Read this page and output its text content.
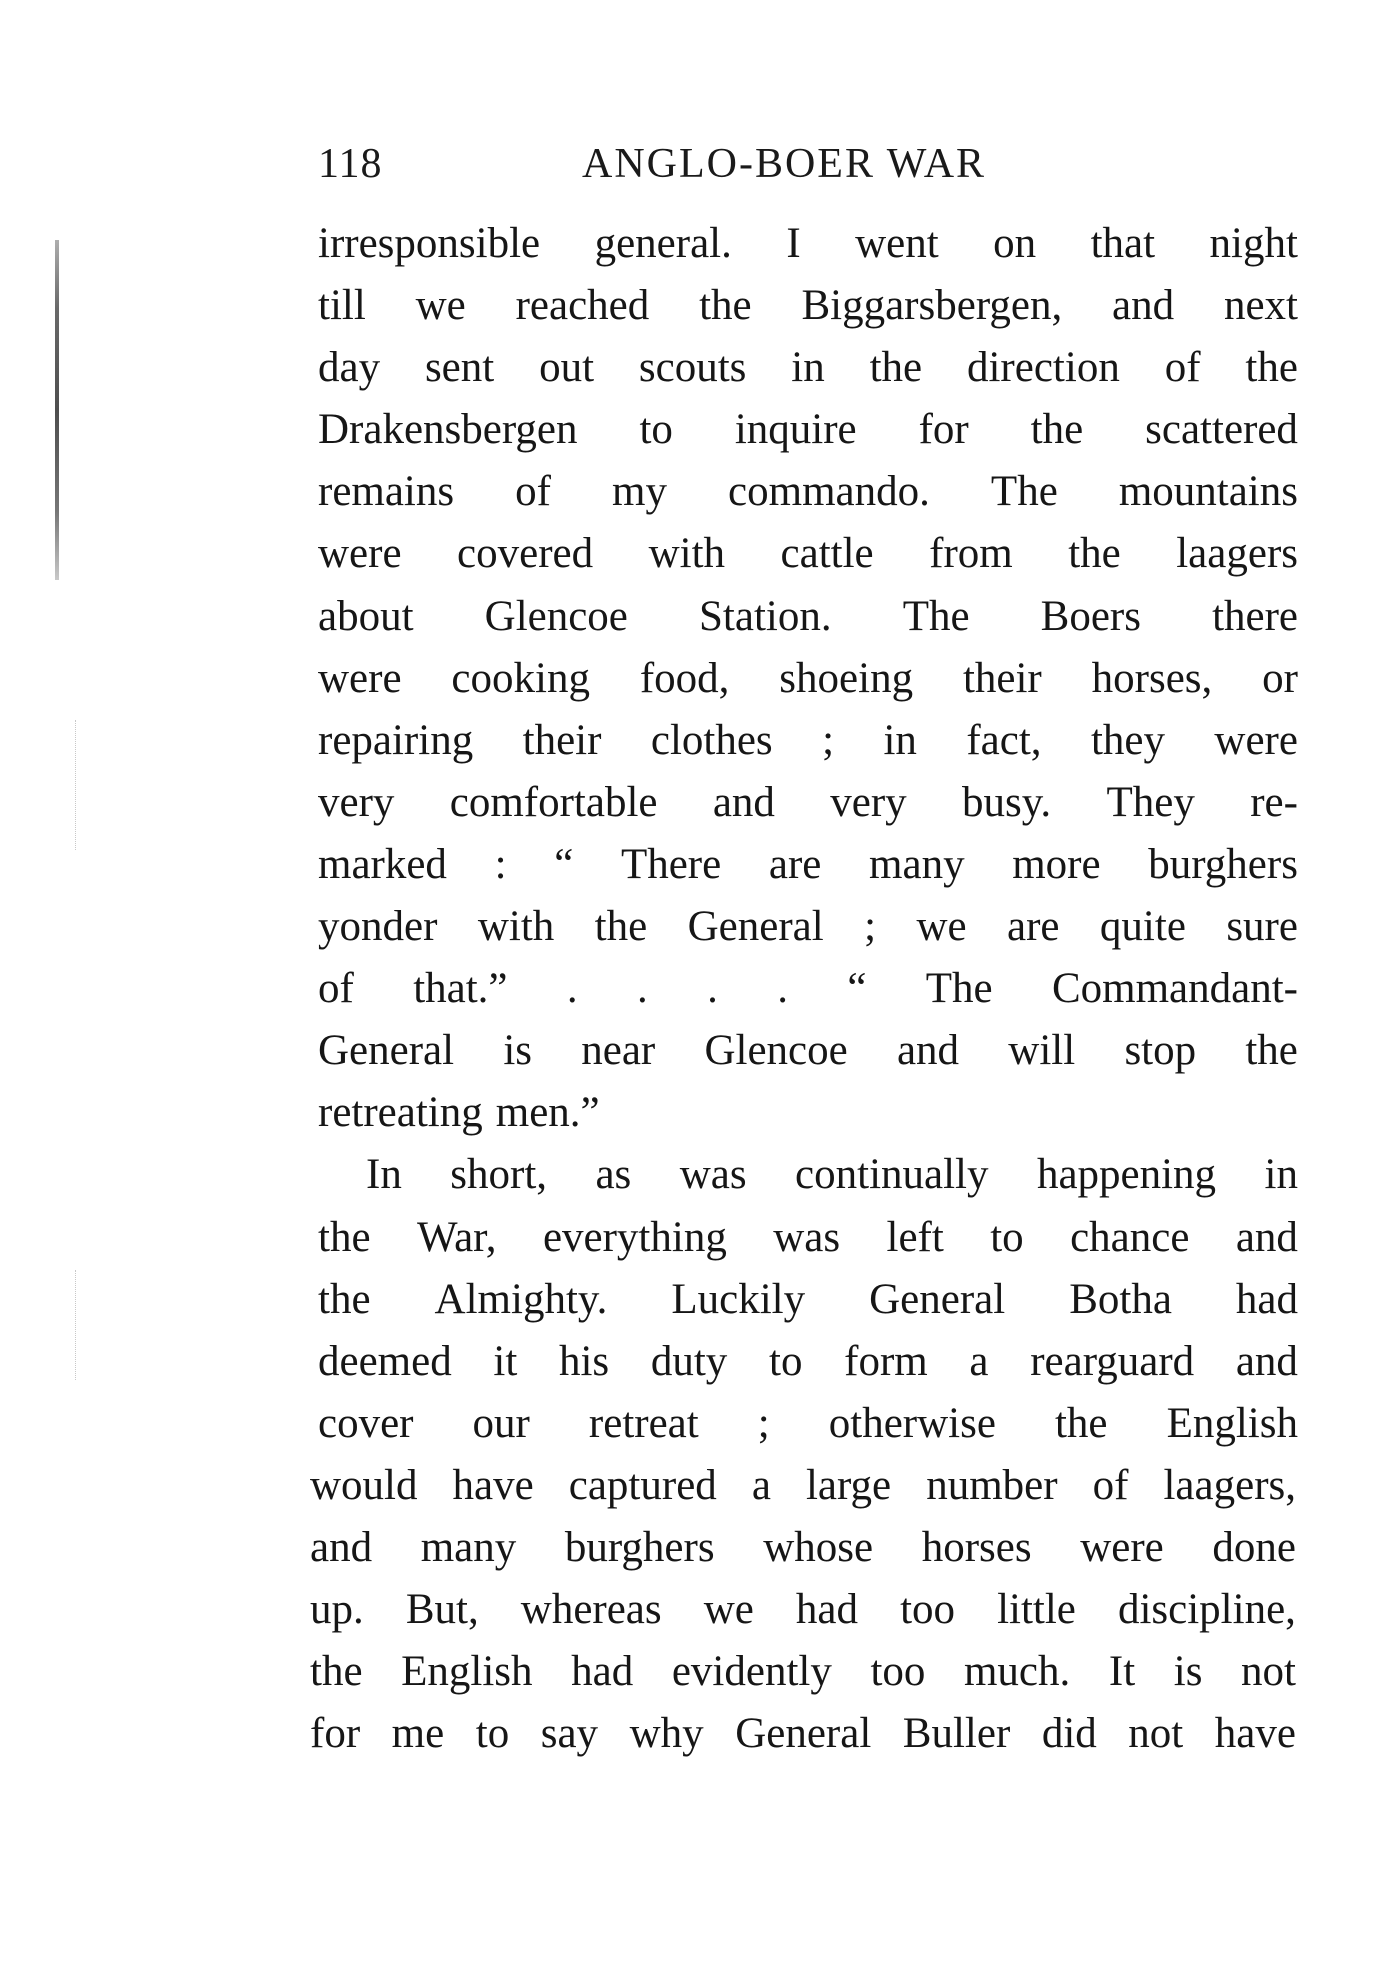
118	ANGLO-BOER WAR
irresponsible general. I went on that night
till we reached the Biggarsbergen, and next
day sent out scouts in the direction of the
Drakensbergen to inquire for the scattered
remains of my commando. The mountains
were covered with cattle from the laagers
about Glencoe Station. The Boers there
were cooking food, shoeing their horses, or
repairing their clothes ; in fact, they were
very comfortable and very busy. They re-
marked : “ There are many more burghers
yonder with the General ; we are quite sure
of that.” . . . . “ The Commandant-
General is near Glencoe and will stop the
retreating men.”
In short, as was continually happening in
the War, everything was left to chance and
the Almighty. Luckily General Botha had
deemed it his duty to form a rearguard and
cover our retreat ; otherwise the English
would have captured a large number of laagers,
and many burghers whose horses were done
up. But, whereas we had too little discipline,
the English had evidently too much. It is not
for me to say why General Buller did not have
